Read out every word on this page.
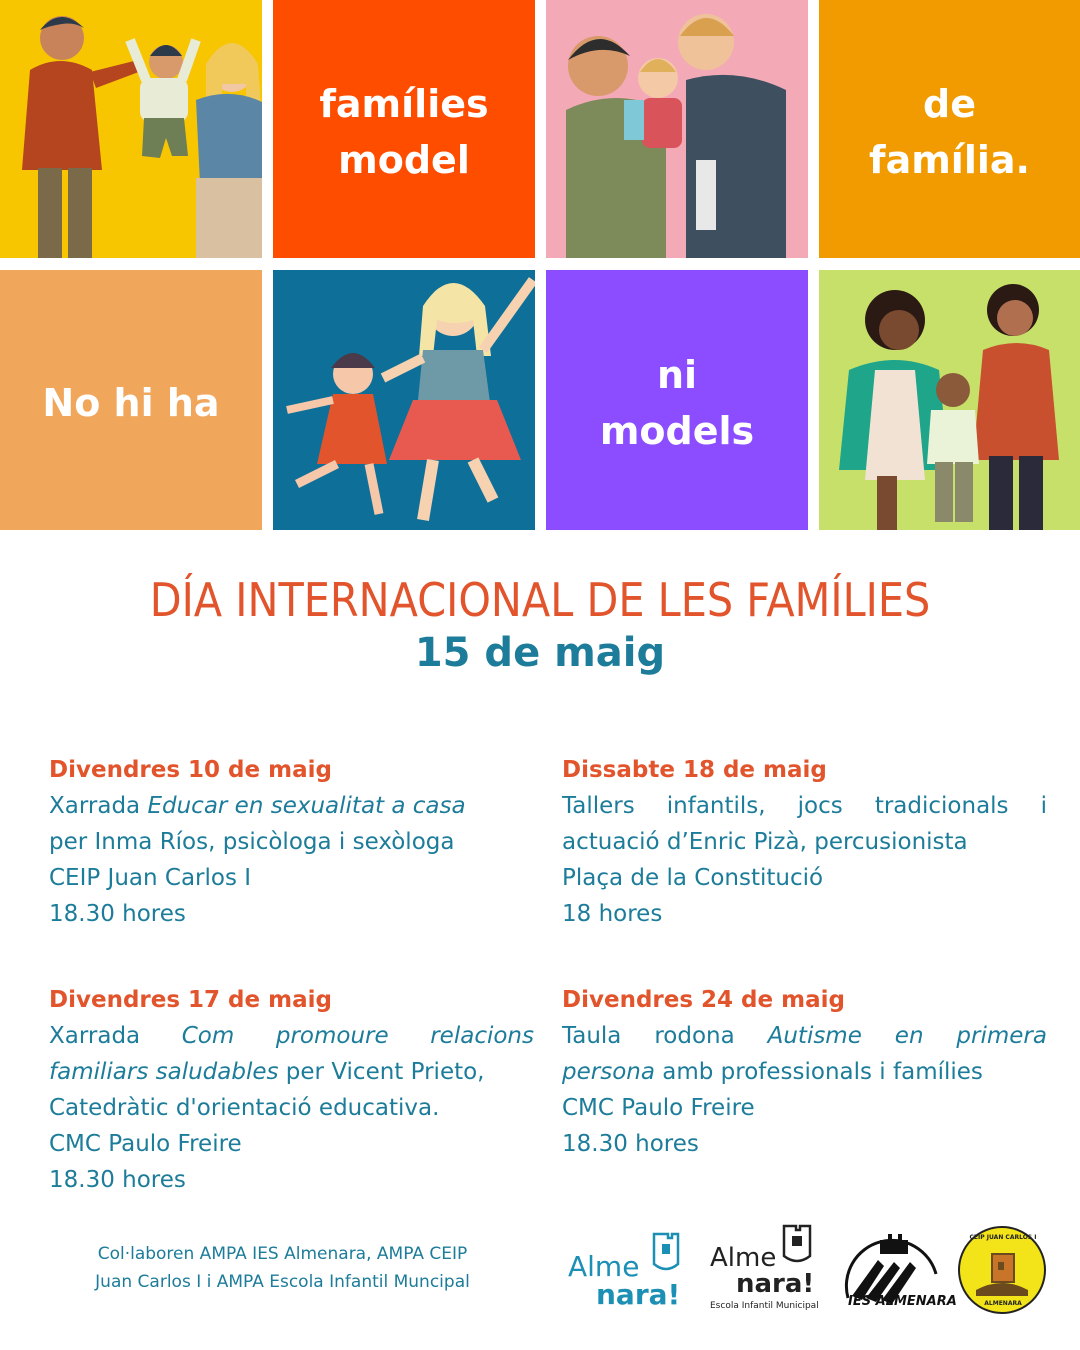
famílies
model
de
família.
No hi ha
ni
models
DÍA INTERNACIONAL DE LES FAMÍLIES
15 de maig
Divendres 10 de maig
Xarrada Educar en sexualitat a casa
per Inma Ríos, psicòloga i sexòloga
CEIP Juan Carlos I
18.30 hores
Dissabte 18 de maig
Tallers infantils, jocs tradicionals i
actuació d’Enric Pizà, percusionista
Plaça de la Constitució
18 hores
Divendres 17 de maig
Xarrada Com promoure relacions
familiars saludables per Vicent Prieto,
Catedràtic d'orientació educativa.
CMC Paulo Freire
18.30 hores
Divendres 24 de maig
Taula rodona Autisme en primera
persona amb professionals i famílies
CMC Paulo Freire
18.30 hores
Col·laboren AMPA IES Almenara, AMPA CEIP
Juan Carlos I i AMPA Escola Infantil Muncipal	Alme
nara!
Alme
nara!
Escola Infantil Municipal IES ALMENARA
CEIP JUAN CARLOS I
ALMENARA
